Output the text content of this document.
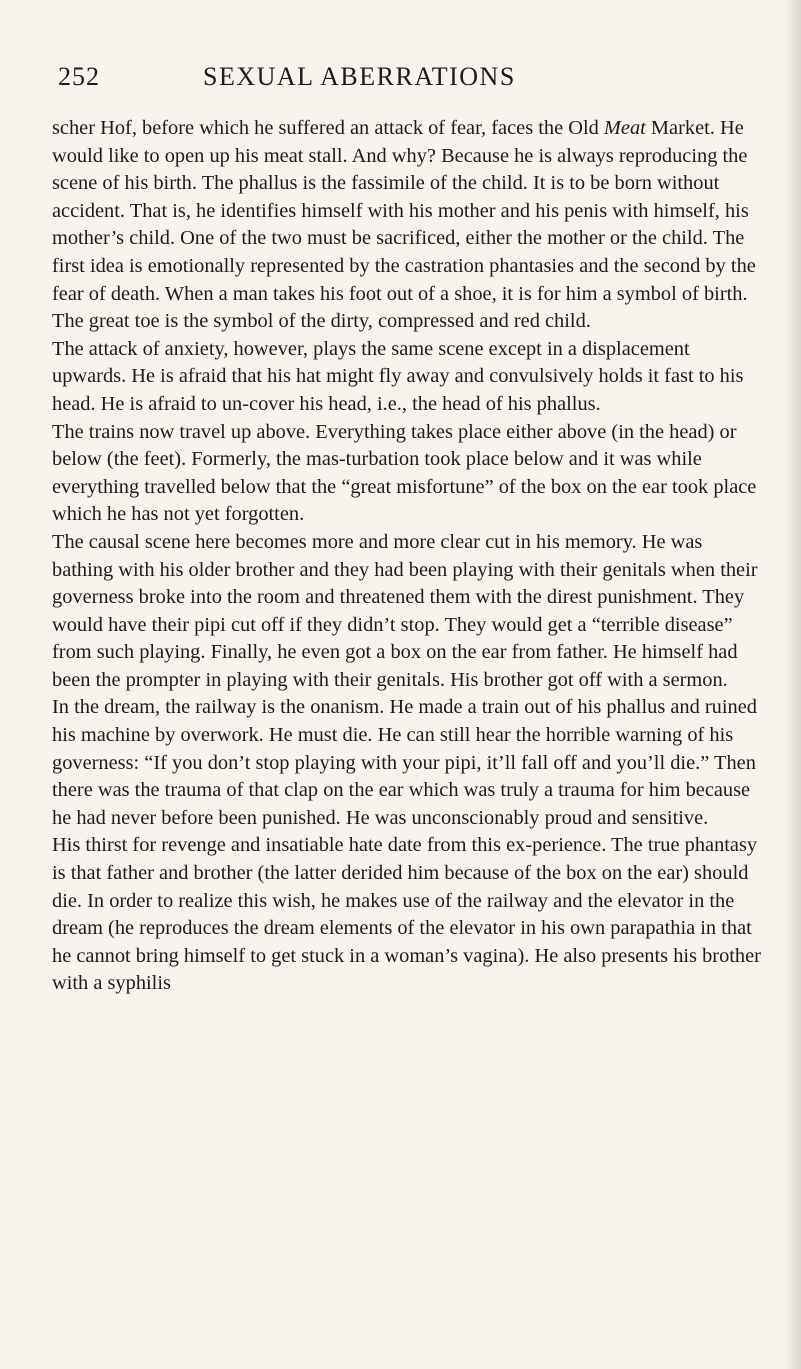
252	SEXUAL ABERRATIONS

scher Hof, before which he suffered an attack of fear, faces the Old Meat Market. He would like to open up his meat stall. And why? Because he is always reproducing the scene of his birth. The phallus is the fassimile of the child. It is to be born without accident. That is, he identifies himself with his mother and his penis with himself, his mother’s child. One of the two must be sacrificed, either the mother or the child. The first idea is emotionally represented by the castration phantasies and the second by the fear of death. When a man takes his foot out of a shoe, it is for him a symbol of birth. The great toe is the symbol of the dirty, compressed and red child.

The attack of anxiety, however, plays the same scene except in a displacement upwards. He is afraid that his hat might fly away and convulsively holds it fast to his head. He is afraid to un-cover his head, i.e., the head of his phallus.

The trains now travel up above. Everything takes place either above (in the head) or below (the feet). Formerly, the mas-turbation took place below and it was while everything travelled below that the “great misfortune” of the box on the ear took place which he has not yet forgotten.

The causal scene here becomes more and more clear cut in his memory. He was bathing with his older brother and they had been playing with their genitals when their governess broke into the room and threatened them with the direst punishment. They would have their pipi cut off if they didn’t stop. They would get a “terrible disease” from such playing. Finally, he even got a box on the ear from father. He himself had been the prompter in playing with their genitals. His brother got off with a sermon.

In the dream, the railway is the onanism. He made a train out of his phallus and ruined his machine by overwork. He must die. He can still hear the horrible warning of his governess: “If you don’t stop playing with your pipi, it’ll fall off and you’ll die.” Then there was the trauma of that clap on the ear which was truly a trauma for him because he had never before been punished. He was unconscionably proud and sensitive.

His thirst for revenge and insatiable hate date from this ex-perience. The true phantasy is that father and brother (the latter derided him because of the box on the ear) should die. In order to realize this wish, he makes use of the railway and the elevator in the dream (he reproduces the dream elements of the elevator in his own parapathia in that he cannot bring himself to get stuck in a woman’s vagina). He also presents his brother with a syphilis
